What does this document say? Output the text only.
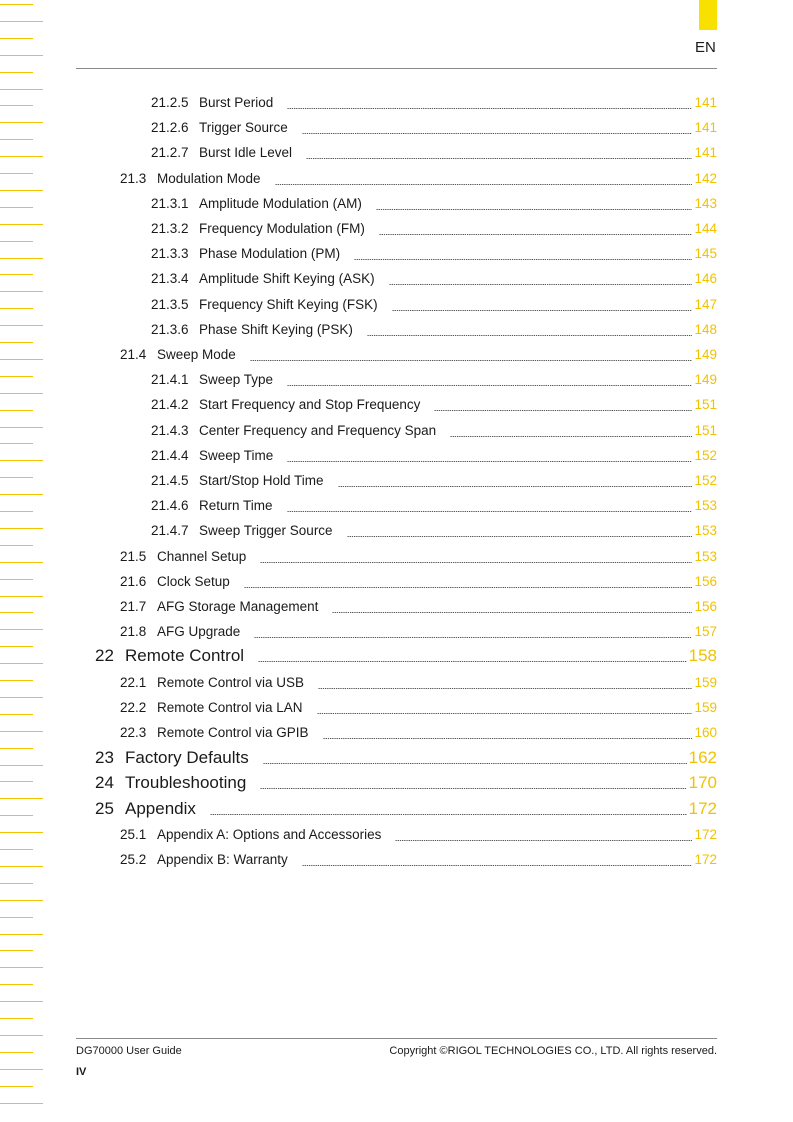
EN
21.2.5 Burst Period	141
21.2.6 Trigger Source	141
21.2.7 Burst Idle Level	141
21.3 Modulation Mode	142
21.3.1 Amplitude Modulation (AM)	143
21.3.2 Frequency Modulation (FM)	144
21.3.3 Phase Modulation (PM)	145
21.3.4 Amplitude Shift Keying (ASK)	146
21.3.5 Frequency Shift Keying (FSK)	147
21.3.6 Phase Shift Keying (PSK)	148
21.4 Sweep Mode	149
21.4.1 Sweep Type	149
21.4.2 Start Frequency and Stop Frequency	151
21.4.3 Center Frequency and Frequency Span	151
21.4.4 Sweep Time	152
21.4.5 Start/Stop Hold Time	152
21.4.6 Return Time	153
21.4.7 Sweep Trigger Source	153
21.5 Channel Setup	153
21.6 Clock Setup	156
21.7 AFG Storage Management	156
21.8 AFG Upgrade	157
22 Remote Control	158
22.1 Remote Control via USB	159
22.2 Remote Control via LAN	159
22.3 Remote Control via GPIB	160
23 Factory Defaults	162
24 Troubleshooting	170
25 Appendix	172
25.1 Appendix A: Options and Accessories	172
25.2 Appendix B: Warranty	172
DG70000 User Guide	Copyright ©RIGOL TECHNOLOGIES CO., LTD. All rights reserved.
IV
